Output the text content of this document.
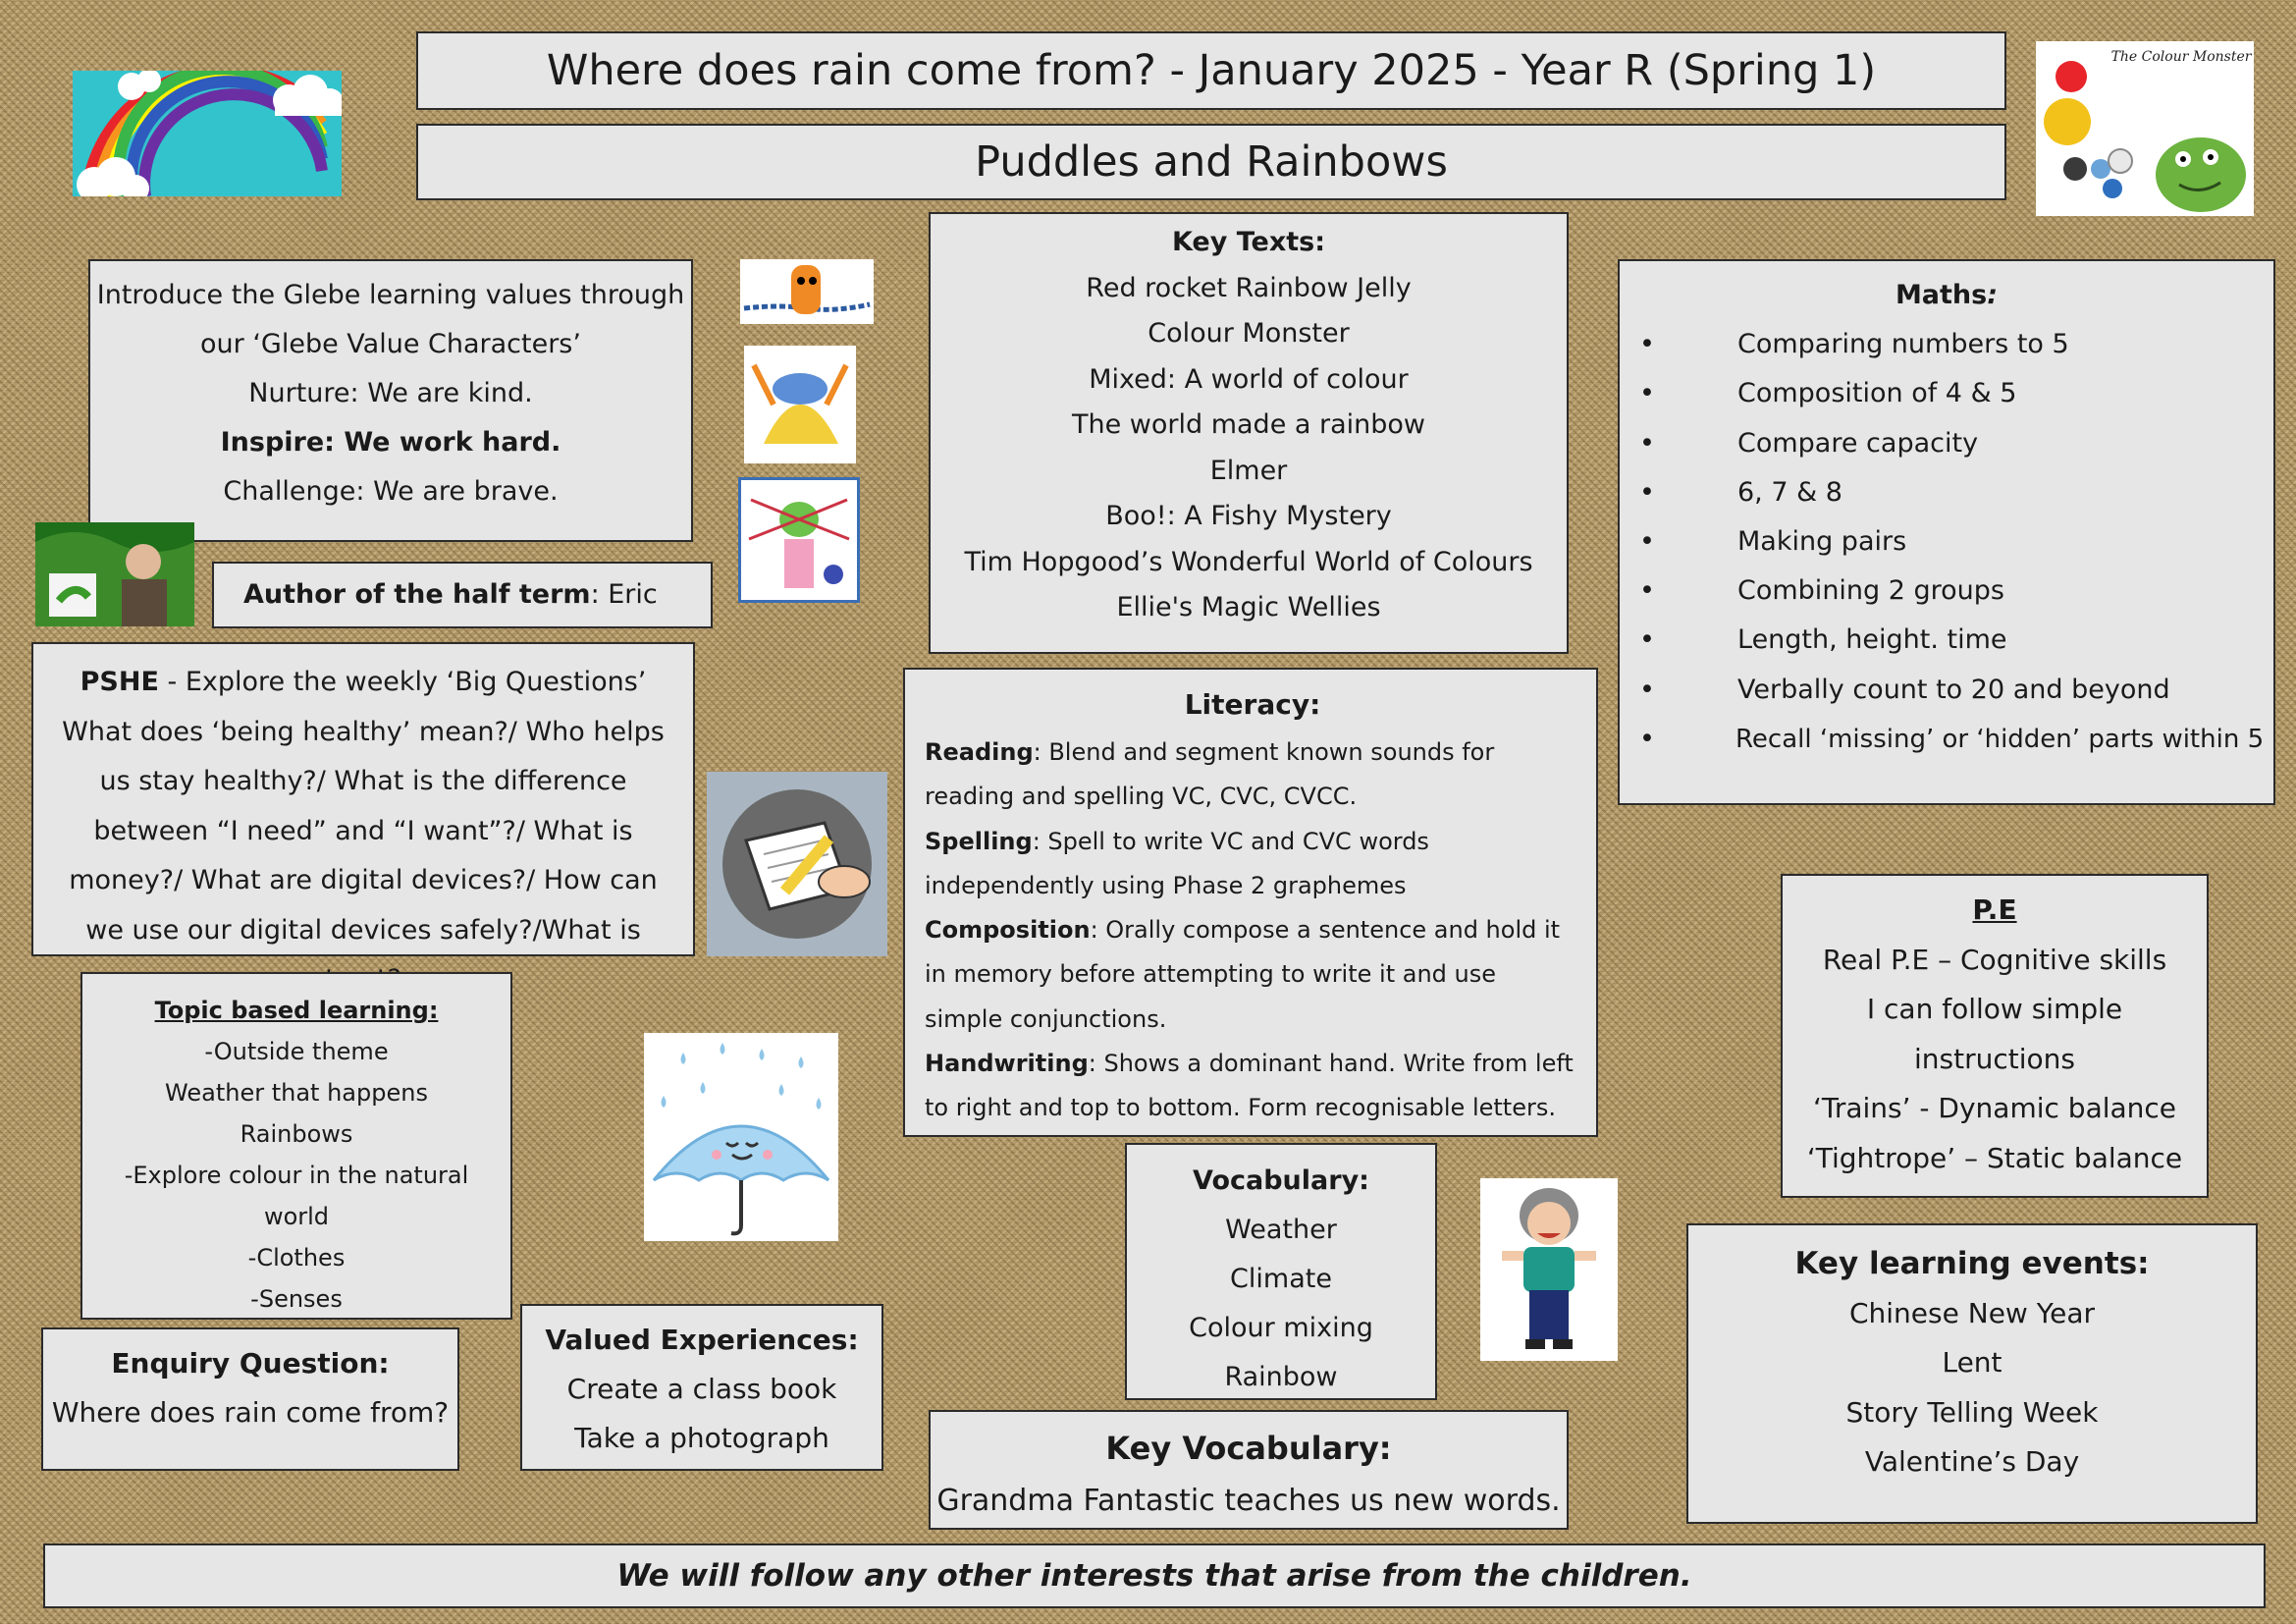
Where does rain come from? - January 2025 - Year R (Spring 1)
Puddles and Rainbows
The Colour Monster
Introduce the Glebe learning values through
our ‘Glebe Value Characters’
Nurture: We are kind.
Inspire: We work hard.
Challenge: We are brave.
Author of the half term: Eric
PSHE - Explore the weekly ‘Big Questions’
What does ‘being healthy’ mean?/ Who helps us stay healthy?/ What is the difference between “I need” and “I want”?/ What is money?/ What are digital devices?/ How can we use our digital devices safely?/What is
Topic based learning:
-Outside theme
Weather that happens
Rainbows
-Explore colour in the natural
world
-Clothes
-Senses
Enquiry Question:
Where does rain come from?
Valued Experiences:
Create a class book
Take a photograph
Key Texts:
Red rocket Rainbow Jelly
Colour Monster
Mixed: A world of colour
The world made a rainbow
Elmer
Boo!: A Fishy Mystery
Tim Hopgood’s Wonderful World of Colours
Ellie's Magic Wellies
Literacy:
Reading: Blend and segment known sounds for reading and spelling VC, CVC, CVCC.
Spelling: Spell to write VC and CVC words independently using Phase 2 graphemes
Composition: Orally compose a sentence and hold it in memory before attempting to write it and use simple conjunctions.
Handwriting: Shows a dominant hand. Write from left to right and top to bottom. Form recognisable letters.
Vocabulary:
Weather
Climate
Colour mixing
Rainbow
Key Vocabulary:
Grandma Fantastic teaches us new words.
Maths:
•	Comparing numbers to 5
•	Composition of 4 & 5
•	Compare capacity
•	6, 7 & 8
•	Making pairs
•	Combining 2 groups
•	Length, height. time
•	Verbally count to 20 and beyond
•	Recall ‘missing’ or ‘hidden’ parts within 5
P.E
Real P.E – Cognitive skills
I can follow simple
instructions
‘Trains’ - Dynamic balance
‘Tightrope’ – Static balance
Key learning events:
Chinese New Year
Lent
Story Telling Week
Valentine’s Day
We will follow any other interests that arise from the children.
